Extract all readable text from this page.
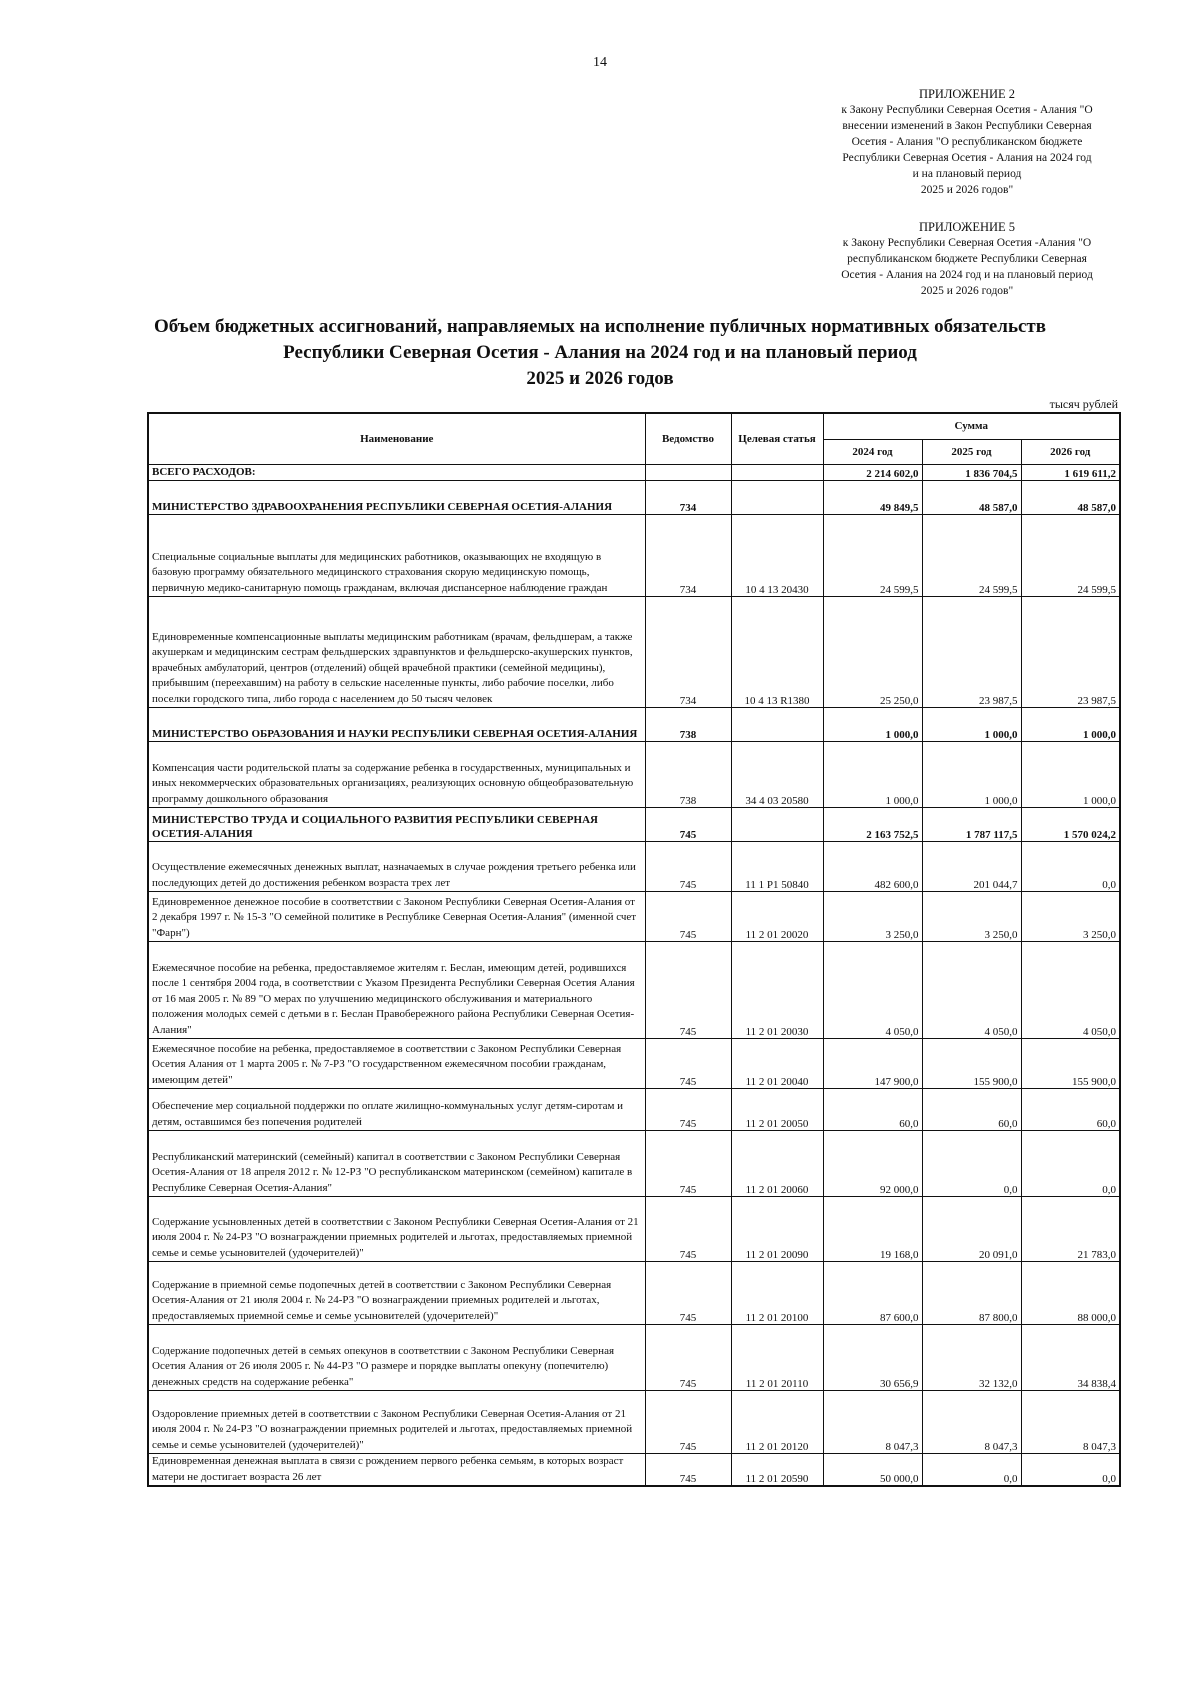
14
ПРИЛОЖЕНИЕ 2
к Закону Республики Северная Осетия - Алания "О
внесении изменений в Закон Республики Северная
Осетия - Алания "О республиканском бюджете
Республики Северная Осетия - Алания на 2024 год
и на плановый период
2025 и 2026 годов"
ПРИЛОЖЕНИЕ 5
к Закону Республики Северная Осетия -Алания "О
республиканском бюджете Республики Северная
Осетия - Алания на 2024 год и на плановый период
2025 и 2026 годов"
Объем бюджетных ассигнований, направляемых на исполнение публичных нормативных обязательств
Республики Северная Осетия - Алания на 2024 год и на плановый период
2025 и 2026 годов
тысяч рублей
Наименование	Ведомство	Целевая статья	Сумма		
			2024 год	2025 год	2026 год
ВСЕГО РАСХОДОВ:			2 214 602,0	1 836 704,5	1 619 611,2
МИНИСТЕРСТВО ЗДРАВООХРАНЕНИЯ РЕСПУБЛИКИ СЕВЕРНАЯ ОСЕТИЯ-АЛАНИЯ	734		49 849,5	48 587,0	48 587,0
Специальные социальные выплаты для медицинских работников, оказывающих не входящую в базовую программу обязательного медицинского страхования скорую медицинскую помощь, первичную медико-санитарную помощь гражданам, включая диспансерное наблюдение граждан	734	10 4 13 20430	24 599,5	24 599,5	24 599,5
Единовременные компенсационные выплаты медицинским работникам (врачам, фельдшерам, а также акушеркам и медицинским сестрам фельдшерских здравпунктов и фельдшерско-акушерских пунктов, врачебных амбулаторий, центров (отделений) общей врачебной практики (семейной медицины), прибывшим (переехавшим) на работу в сельские населенные пункты, либо рабочие поселки, либо поселки городского типа, либо города с населением до 50 тысяч человек	734	10 4 13 R1380	25 250,0	23 987,5	23 987,5
МИНИСТЕРСТВО ОБРАЗОВАНИЯ И НАУКИ РЕСПУБЛИКИ СЕВЕРНАЯ ОСЕТИЯ-АЛАНИЯ	738		1 000,0	1 000,0	1 000,0
Компенсация части родительской платы за содержание ребенка в государственных, муниципальных и иных некоммерческих образовательных организациях, реализующих основную общеобразовательную программу дошкольного образования	738	34 4 03 20580	1 000,0	1 000,0	1 000,0
МИНИСТЕРСТВО ТРУДА И СОЦИАЛЬНОГО РАЗВИТИЯ РЕСПУБЛИКИ СЕВЕРНАЯ ОСЕТИЯ-АЛАНИЯ	745		2 163 752,5	1 787 117,5	1 570 024,2
Осуществление ежемесячных денежных выплат, назначаемых в случае рождения третьего ребенка или последующих детей до достижения ребенком возраста трех лет	745	11 1 P1 50840	482 600,0	201 044,7	0,0
Единовременное денежное пособие в соответствии с Законом Республики Северная Осетия-Алания от 2 декабря 1997 г. № 15-З "О семейной политике в Республике Северная Осетия-Алания" (именной счет "Фарн")	745	11 2 01 20020	3 250,0	3 250,0	3 250,0
Ежемесячное пособие на ребенка, предоставляемое жителям г. Беслан, имеющим детей, родившихся после 1 сентября 2004 года, в соответствии с Указом Президента Республики Северная Осетия Алания от 16 мая 2005 г. № 89 "О мерах по улучшению медицинского обслуживания и материального положения молодых семей с детьми в г. Беслан Правобережного района Республики Северная Осетия-Алания"	745	11 2 01 20030	4 050,0	4 050,0	4 050,0
Ежемесячное пособие на ребенка, предоставляемое в соответствии с Законом Республики Северная Осетия Алания от 1 марта 2005 г. № 7-РЗ "О государственном ежемесячном пособии гражданам, имеющим детей"	745	11 2 01 20040	147 900,0	155 900,0	155 900,0
Обеспечение мер социальной поддержки по оплате жилищно-коммунальных услуг детям-сиротам и детям, оставшимся без попечения родителей	745	11 2 01 20050	60,0	60,0	60,0
Республиканский материнский (семейный) капитал в соответствии с Законом Республики Северная Осетия-Алания от 18 апреля 2012 г. № 12-РЗ "О республиканском материнском (семейном) капитале в Республике Северная Осетия-Алания"	745	11 2 01 20060	92 000,0	0,0	0,0
Содержание усыновленных детей в соответствии с Законом Республики Северная Осетия-Алания от 21 июля 2004 г. № 24-РЗ "О вознаграждении приемных родителей и льготах, предоставляемых приемной семье и семье усыновителей (удочерителей)"	745	11 2 01 20090	19 168,0	20 091,0	21 783,0
Содержание в приемной семье подопечных детей в соответствии с Законом Республики Северная Осетия-Алания от 21 июля 2004 г. № 24-РЗ "О вознаграждении приемных родителей и льготах, предоставляемых приемной семье и семье усыновителей (удочерителей)"	745	11 2 01 20100	87 600,0	87 800,0	88 000,0
Содержание подопечных детей в семьях опекунов в соответствии с Законом Республики Северная Осетия Алания от 26 июля 2005 г. № 44-РЗ "О размере и порядке выплаты опекуну (попечителю) денежных средств на содержание ребенка"	745	11 2 01 20110	30 656,9	32 132,0	34 838,4
Оздоровление приемных детей в соответствии с Законом Республики Северная Осетия-Алания от 21 июля 2004 г. № 24-РЗ "О вознаграждении приемных родителей и льготах, предоставляемых приемной семье и семье усыновителей (удочерителей)"	745	11 2 01 20120	8 047,3	8 047,3	8 047,3
Единовременная денежная выплата в связи с рождением первого ребенка семьям, в которых возраст матери не достигает возраста 26 лет	745	11 2 01 20590	50 000,0	0,0	0,0
